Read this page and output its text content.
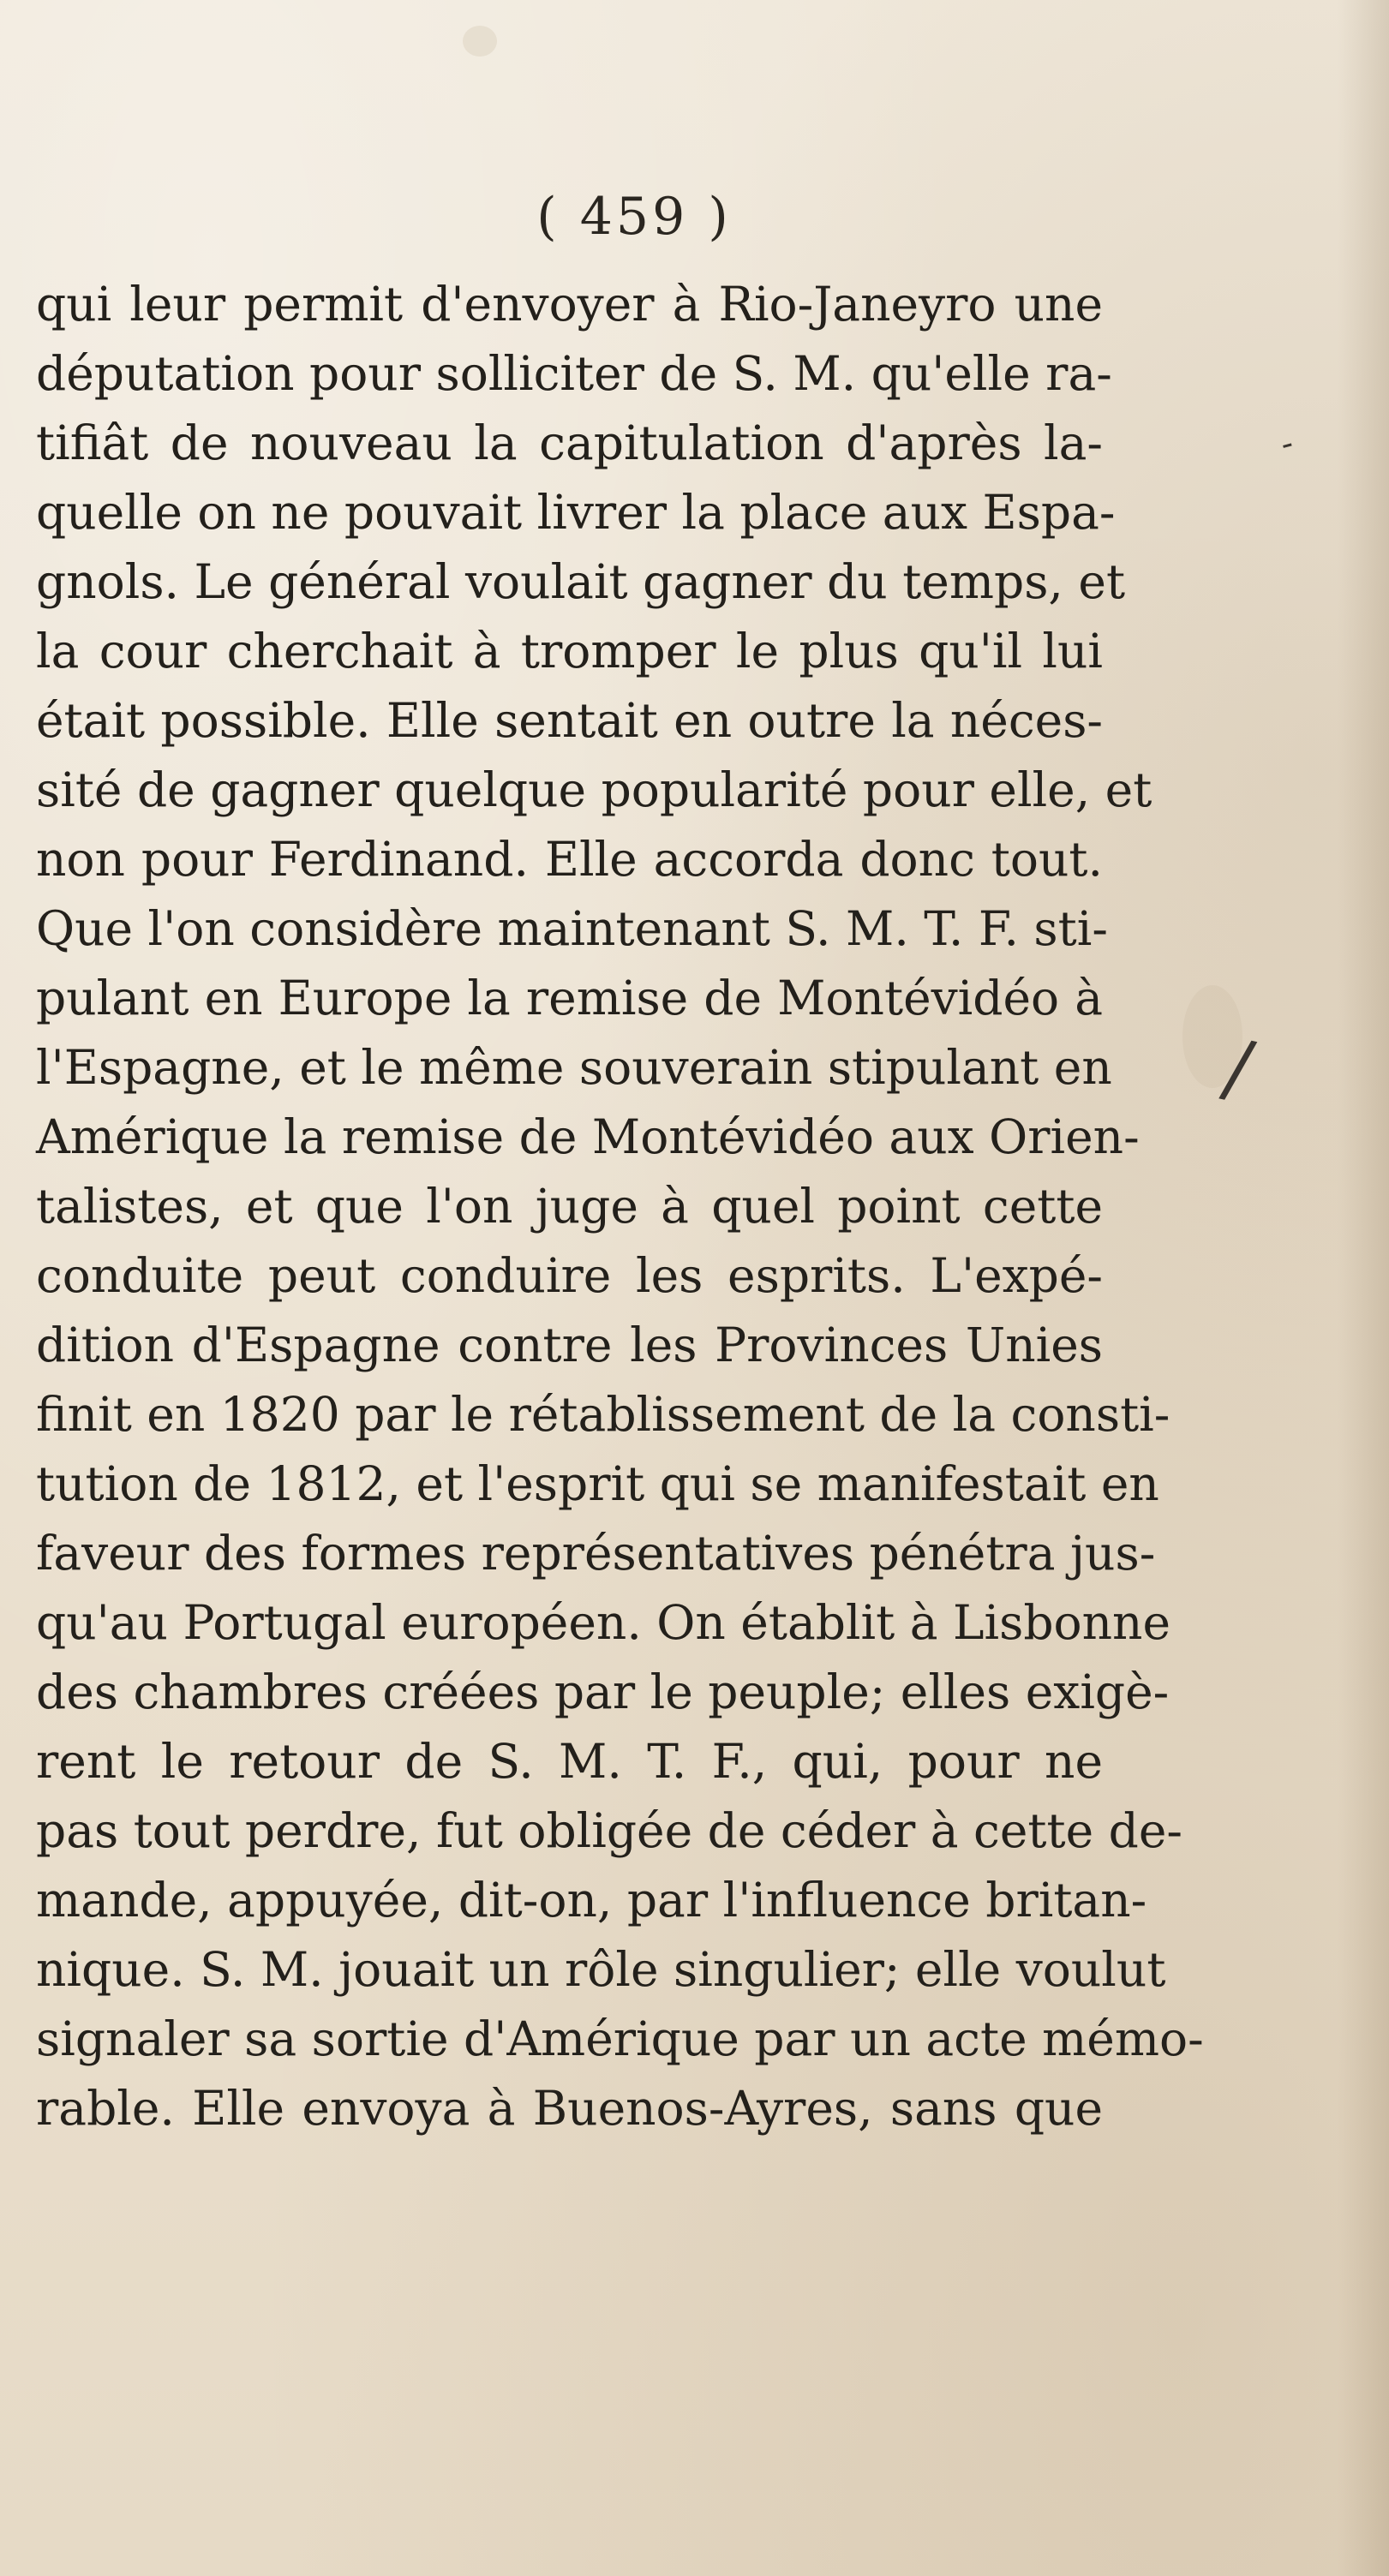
-
/
( 459 )
qui leur permit d'envoyer à Rio-Janeyro une
députation pour solliciter de S. M. qu'elle ra-
tifiât de nouveau la capitulation d'après la-
quelle on ne pouvait livrer la place aux Espa-
gnols. Le général voulait gagner du temps, et
la cour cherchait à tromper le plus qu'il lui
était possible. Elle sentait en outre la néces-
sité de gagner quelque popularité pour elle, et
non pour Ferdinand. Elle accorda donc tout.
Que l'on considère maintenant S. M. T. F. sti-
pulant en Europe la remise de Montévidéo à
l'Espagne, et le même souverain stipulant en
Amérique la remise de Montévidéo aux Orien-
talistes, et que l'on juge à quel point cette
conduite peut conduire les esprits. L'expé-
dition d'Espagne contre les Provinces Unies
finit en 1820 par le rétablissement de la consti-
tution de 1812, et l'esprit qui se manifestait en
faveur des formes représentatives pénétra jus-
qu'au Portugal européen. On établit à Lisbonne
des chambres créées par le peuple; elles exigè-
rent le retour de S. M. T. F., qui, pour ne
pas tout perdre, fut obligée de céder à cette de-
mande, appuyée, dit-on, par l'influence britan-
nique. S. M. jouait un rôle singulier; elle voulut
signaler sa sortie d'Amérique par un acte mémo-
rable. Elle envoya à Buenos-Ayres, sans que
